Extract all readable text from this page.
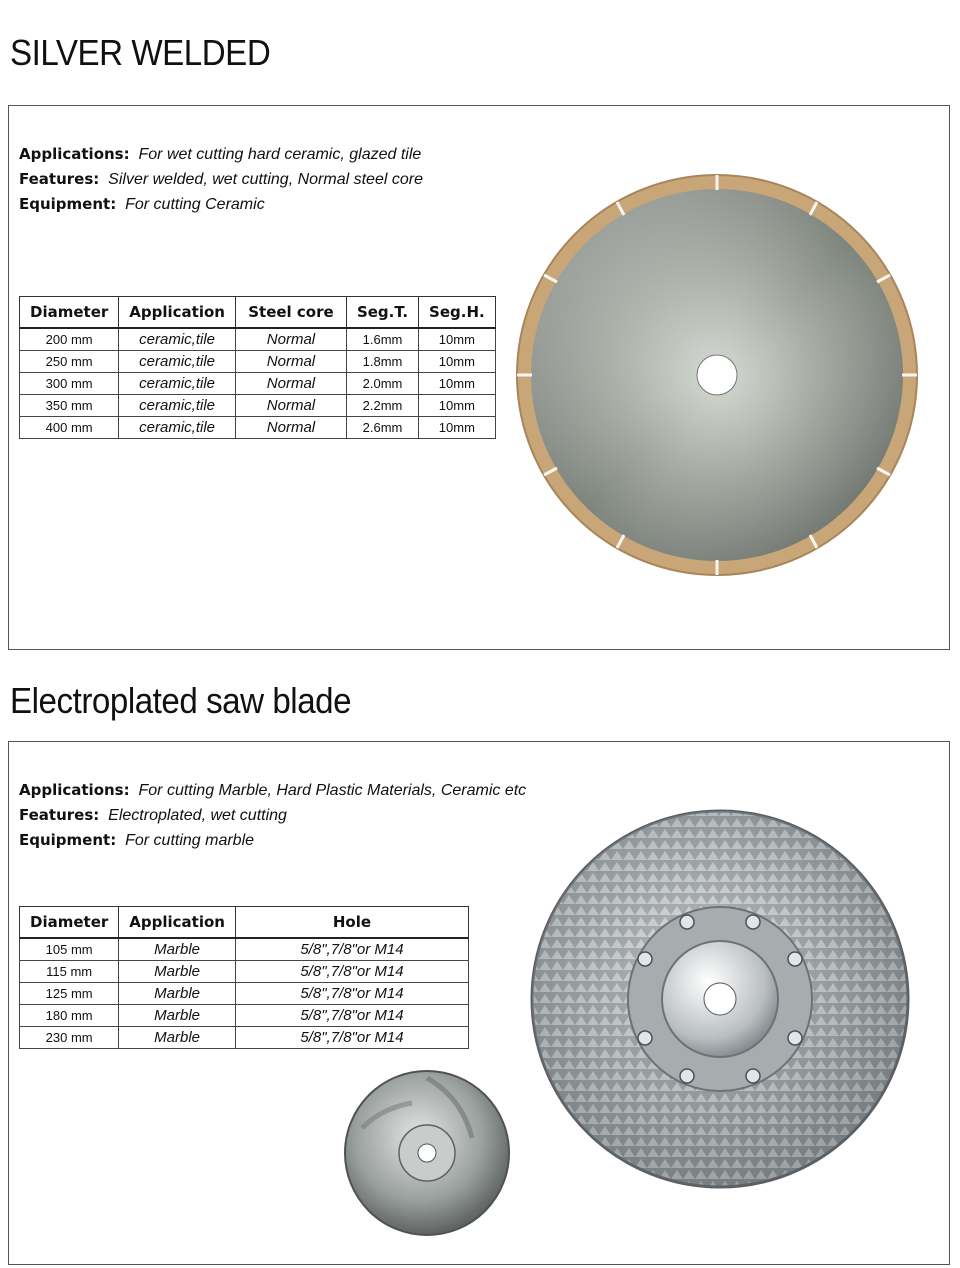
SILVER WELDED
Applications: For wet cutting hard ceramic, glazed tile
Features: Silver welded, wet cutting, Normal steel core
Equipment: For cutting Ceramic
Diameter	Application	Steel core	Seg.T.	Seg.H.
200 mm	ceramic,tile	Normal	1.6mm	10mm
250 mm	ceramic,tile	Normal	1.8mm	10mm
300 mm	ceramic,tile	Normal	2.0mm	10mm
350 mm	ceramic,tile	Normal	2.2mm	10mm
400 mm	ceramic,tile	Normal	2.6mm	10mm
Electroplated saw blade
Applications: For cutting Marble, Hard Plastic Materials, Ceramic etc
Features: Electroplated, wet cutting
Equipment: For cutting marble
Diameter	Application	Hole
105 mm	Marble	5/8",7/8"or M14
115 mm	Marble	5/8",7/8"or M14
125 mm	Marble	5/8",7/8"or M14
180 mm	Marble	5/8",7/8"or M14
230 mm	Marble	5/8",7/8"or M14
